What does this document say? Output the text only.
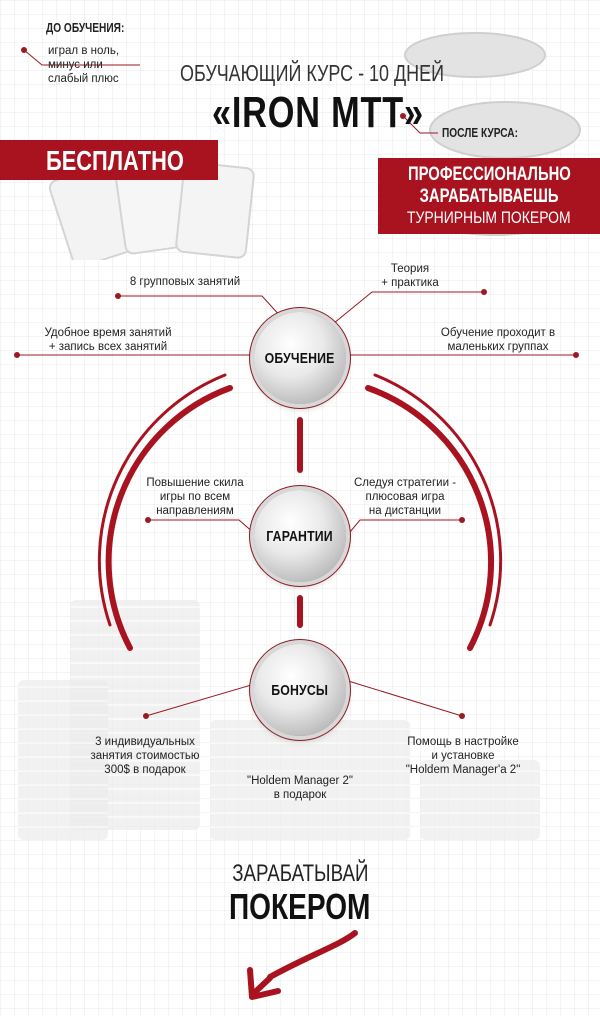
ДО ОБУЧЕНИЯ:
играл в ноль,
минус или
слабый плюс	ОБУЧАЮЩИЙ КУРС - 10 ДНЕЙ
«IRON MTT»
БЕСПЛАТНО
ПОСЛЕ КУРСА:
ПРОФЕССИОНАЛЬНО
ЗАРАБАТЫВАЕШЬ
ТУРНИРНЫМ ПОКЕРОМ
8 групповых занятий
Теория
+ практика
Удобное время занятий
+ запись всех занятий
Обучение проходит в
маленьких группах
ОБУЧЕНИЕ
Повышение скила
игры по всем
направлениям
Следуя стратегии -
плюсовая игра
на дистанции
ГАРАНТИИ
БОНУСЫ
3 индивидуальных
занятия стоимостью
300$ в подарок
"Holdem Manager 2"
в подарок
Помощь в настройке
и установке
"Holdem Manager'a 2"
ЗАРАБАТЫВАЙ
ПОКЕРОМ
